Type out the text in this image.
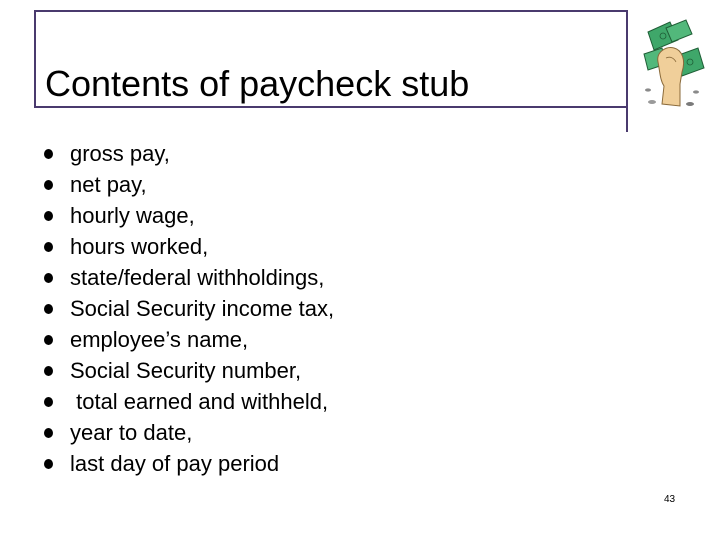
Contents of paycheck stub
gross pay,
net pay,
hourly wage,
hours worked,
state/federal withholdings,
Social Security income tax,
employee’s name,
Social Security number,
total earned and withheld,
year to date,
last day of pay period
43
